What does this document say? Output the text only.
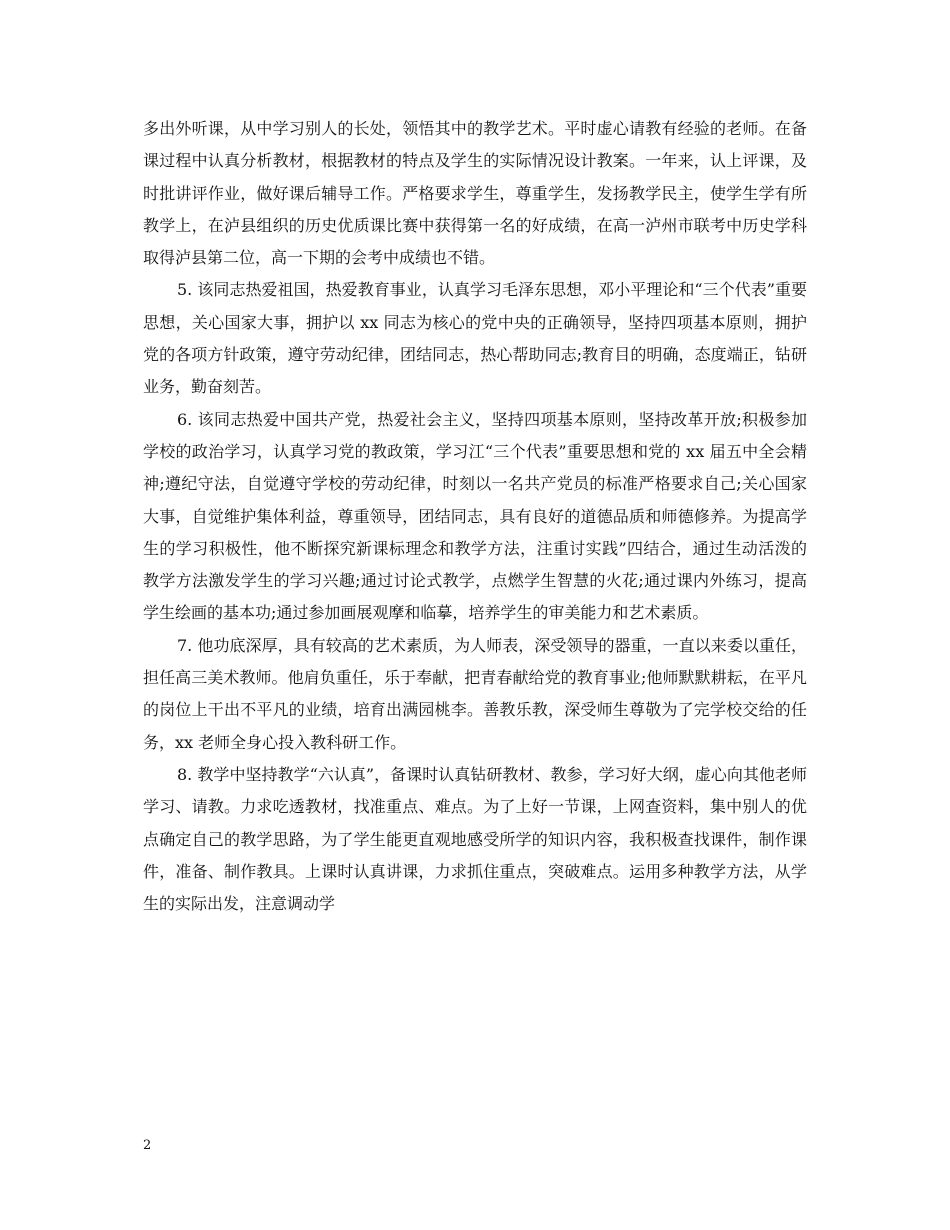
多出外听课，从中学习别人的长处，领悟其中的教学艺术。平时虚心请教有经验的老师。在备课过程中认真分析教材，根据教材的特点及学生的实际情况设计教案。一年来，认上评课，及时批讲评作业，做好课后辅导工作。严格要求学生，尊重学生，发扬教学民主，使学生学有所教学上，在泸县组织的历史优质课比赛中获得第一名的好成绩，在高一泸州市联考中历史学科取得泸县第二位，高一下期的会考中成绩也不错。

5. 该同志热爱祖国，热爱教育事业，认真学习毛泽东思想，邓小平理论和“三个代表”重要思想，关心国家大事，拥护以 xx 同志为核心的党中央的正确领导，坚持四项基本原则，拥护党的各项方针政策，遵守劳动纪律，团结同志，热心帮助同志;教育目的明确，态度端正，钻研业务，勤奋刻苦。

6. 该同志热爱中国共产党，热爱社会主义，坚持四项基本原则，坚持改革开放;积极参加学校的政治学习，认真学习党的教政策，学习江“三个代表”重要思想和党的 xx 届五中全会精神;遵纪守法，自觉遵守学校的劳动纪律，时刻以一名共产党员的标准严格要求自己;关心国家大事，自觉维护集体利益，尊重领导，团结同志，具有良好的道德品质和师德修养。为提高学生的学习积极性，他不断探究新课标理念和教学方法，注重讨实践”四结合，通过生动活泼的教学方法激发学生的学习兴趣;通过讨论式教学，点燃学生智慧的火花;通过课内外练习，提高学生绘画的基本功;通过参加画展观摩和临摹，培养学生的审美能力和艺术素质。

7. 他功底深厚，具有较高的艺术素质，为人师表，深受领导的器重，一直以来委以重任，担任高三美术教师。他肩负重任，乐于奉献，把青春献给党的教育事业;他师默默耕耘，在平凡的岗位上干出不平凡的业绩，培育出满园桃李。善教乐教，深受师生尊敬为了完学校交给的任务，xx 老师全身心投入教科研工作。

8. 教学中坚持教学“六认真”，备课时认真钻研教材、教参，学习好大纲，虚心向其他老师学习、请教。力求吃透教材，找准重点、难点。为了上好一节课，上网查资料，集中别人的优点确定自己的教学思路，为了学生能更直观地感受所学的知识内容，我积极查找课件，制作课件，准备、制作教具。上课时认真讲课，力求抓住重点，突破难点。运用多种教学方法，从学生的实际出发，注意调动学

2
